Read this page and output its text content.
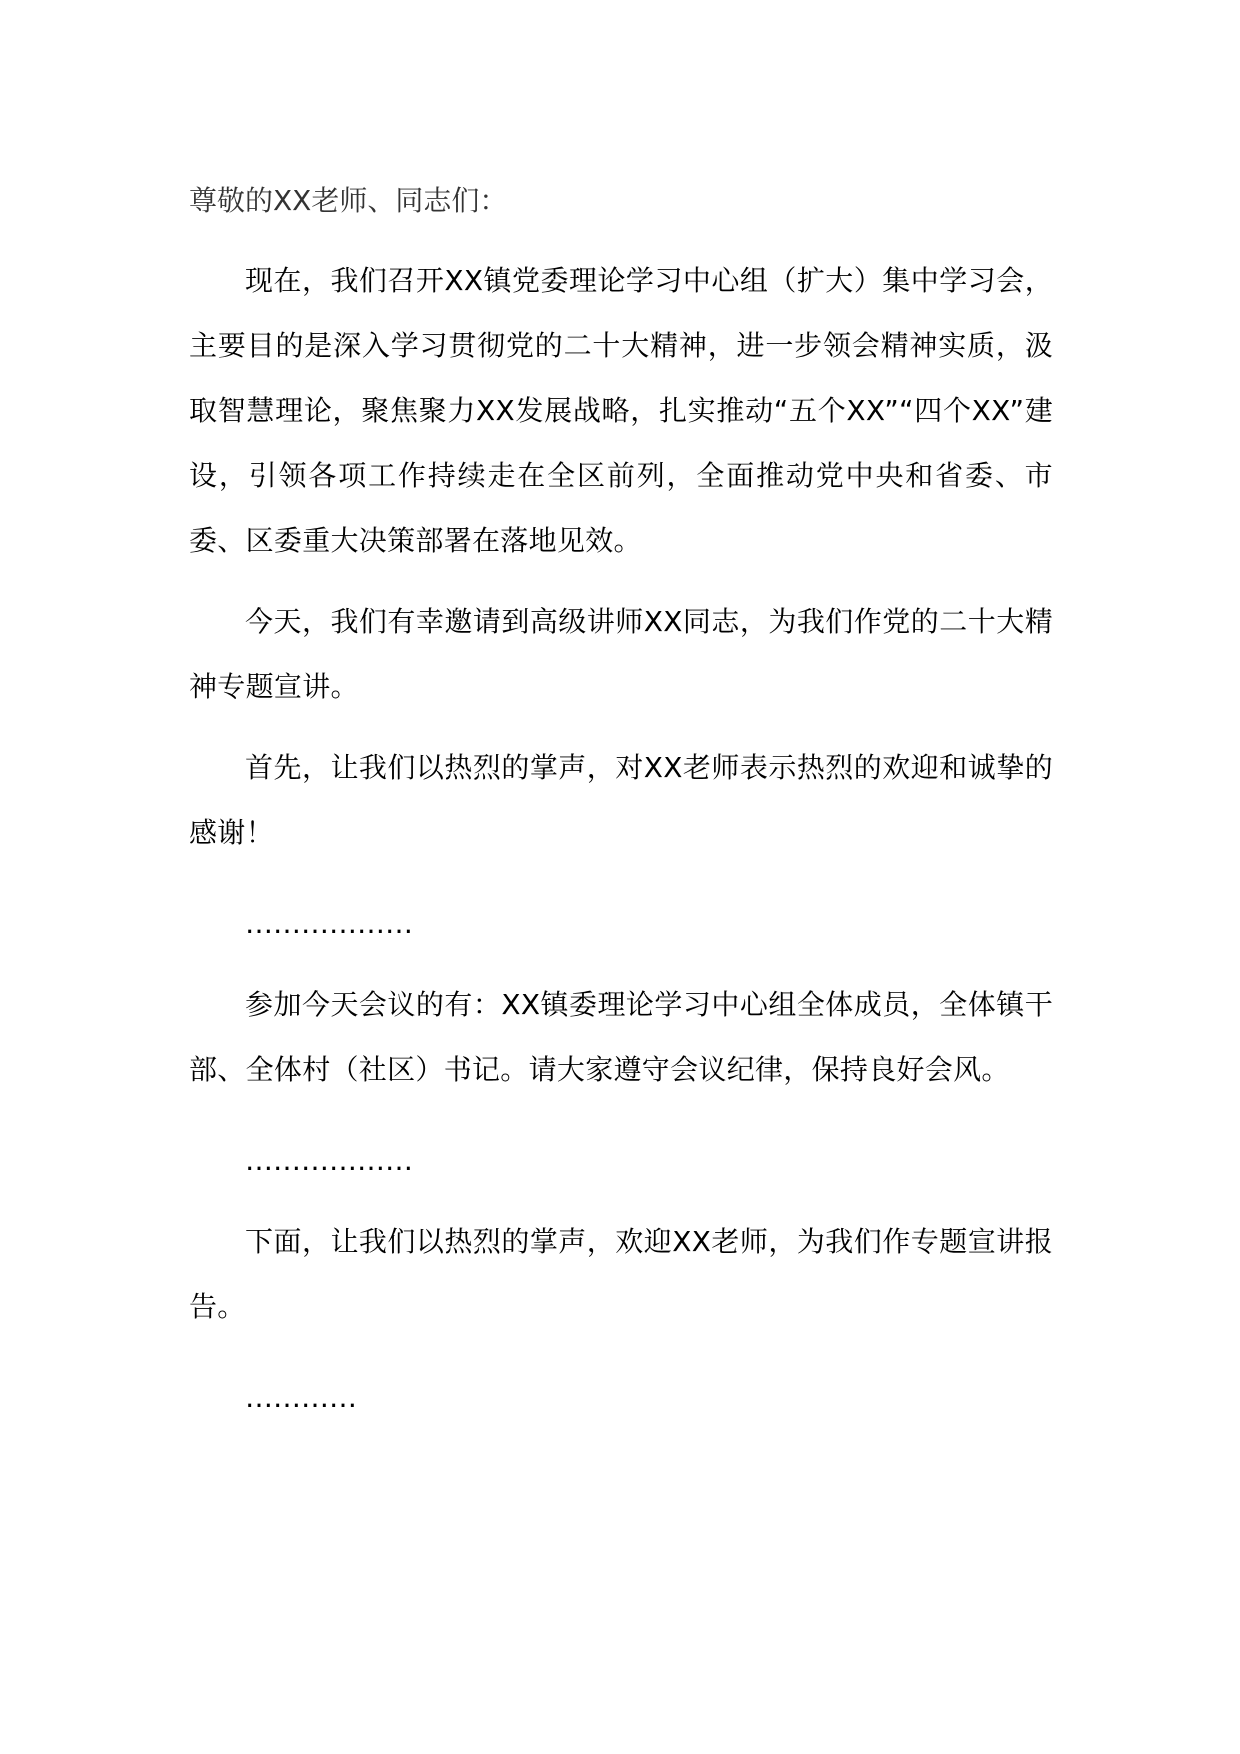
尊敬的XX老师、同志们：

现在，我们召开XX镇党委理论学习中心组（扩大）集中学习会，主要目的是深入学习贯彻党的二十大精神，进一步领会精神实质，汲取智慧理论，聚焦聚力XX发展战略，扎实推动“五个XX”“四个XX”建设，引领各项工作持续走在全区前列，全面推动党中央和省委、市委、区委重大决策部署在落地见效。

今天，我们有幸邀请到高级讲师XX同志，为我们作党的二十大精神专题宣讲。

首先，让我们以热烈的掌声，对XX老师表示热烈的欢迎和诚挚的感谢！

………………

参加今天会议的有：XX镇委理论学习中心组全体成员，全体镇干部、全体村（社区）书记。请大家遵守会议纪律，保持良好会风。

………………

下面，让我们以热烈的掌声，欢迎XX老师，为我们作专题宣讲报告。

…………
